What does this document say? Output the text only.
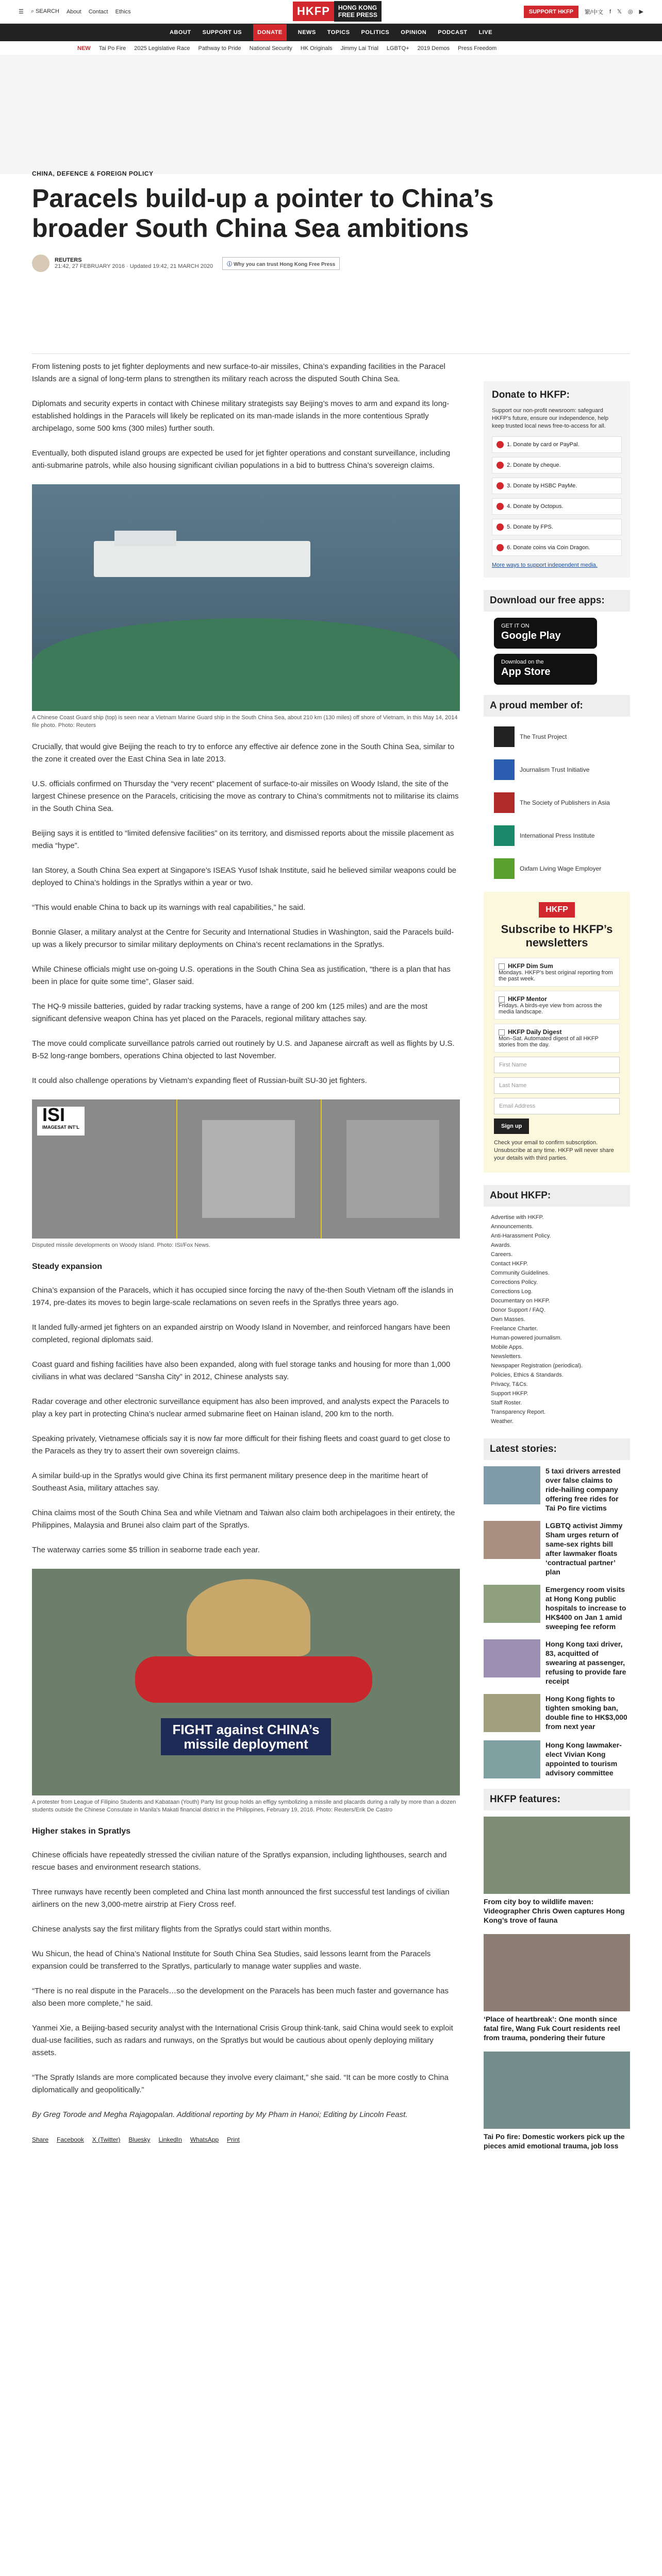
☰ ⌕ SEARCH About Contact Ethics	HKFP	HONG KONG
FREE PRESS	SUPPORT HKFP	繁/中文 f 𝕏 ◎ ▶
ABOUT SUPPORT US	DONATE	NEWS TOPICS POLITICS OPINION PODCAST LIVE
NEW Tai Po Fire 2025 Legislative Race Pathway to Pride National Security HK Originals Jimmy Lai Trial LGBTQ+ 2019 Demos Press Freedom
CHINA, DEFENCE & FOREIGN POLICY
Paracels build-up a pointer to China’s broader South China Sea ambitions
REUTERS
21:42, 27 FEBRUARY 2016 · Updated 19:42, 21 MARCH 2020	ⓘ Why you can trust Hong Kong Free Press

From listening posts to jet fighter deployments and new surface-to-air missiles, China’s expanding facilities in the Paracel Islands are a signal of long-term plans to strengthen its military reach across the disputed South China Sea.

Diplomats and security experts in contact with Chinese military strategists say Beijing’s moves to arm and expand its long-established holdings in the Paracels will likely be replicated on its man-made islands in the more contentious Spratly archipelago, some 500 kms (300 miles) further south.

Eventually, both disputed island groups are expected be used for jet fighter operations and constant surveillance, including anti-submarine patrols, while also housing significant civilian populations in a bid to buttress China’s sovereign claims.

A Chinese Coast Guard ship (top) is seen near a Vietnam Marine Guard ship in the South China Sea, about 210 km (130 miles) off shore of Vietnam, in this May 14, 2014 file photo. Photo: Reuters

Crucially, that would give Beijing the reach to try to enforce any effective air defence zone in the South China Sea, similar to the zone it created over the East China Sea in late 2013.

U.S. officials confirmed on Thursday the “very recent” placement of surface-to-air missiles on Woody Island, the site of the largest Chinese presence on the Paracels, criticising the move as contrary to China’s commitments not to militarise its claims in the South China Sea.

Beijing says it is entitled to “limited defensive facilities” on its territory, and dismissed reports about the missile placement as media “hype”.

Ian Storey, a South China Sea expert at Singapore’s ISEAS Yusof Ishak Institute, said he believed similar weapons could be deployed to China’s holdings in the Spratlys within a year or two.

“This would enable China to back up its warnings with real capabilities,” he said.

Bonnie Glaser, a military analyst at the Centre for Security and International Studies in Washington, said the Paracels build-up was a likely precursor to similar military deployments on China’s recent reclamations in the Spratlys.

While Chinese officials might use on-going U.S. operations in the South China Sea as justification, “there is a plan that has been in place for quite some time”, Glaser said.

The HQ-9 missile batteries, guided by radar tracking systems, have a range of 200 km (125 miles) and are the most significant defensive weapon China has yet placed on the Paracels, regional military attaches say.

The move could complicate surveillance patrols carried out routinely by U.S. and Japanese aircraft as well as flights by U.S. B-52 long-range bombers, operations China objected to last November.

It could also challenge operations by Vietnam’s expanding fleet of Russian-built SU-30 jet fighters.

ISI
IMAGESAT INT’L
Disputed missile developments on Woody Island. Photo: ISI/Fox News.
Steady expansion

China’s expansion of the Paracels, which it has occupied since forcing the navy of the-then South Vietnam off the islands in 1974, pre-dates its moves to begin large-scale reclamations on seven reefs in the Spratlys three years ago.

It landed fully-armed jet fighters on an expanded airstrip on Woody Island in November, and reinforced hangars have been completed, regional diplomats said.

Coast guard and fishing facilities have also been expanded, along with fuel storage tanks and housing for more than 1,000 civilians in what was declared “Sansha City” in 2012, Chinese analysts say.

Radar coverage and other electronic surveillance equipment has also been improved, and analysts expect the Paracels to play a key part in protecting China’s nuclear armed submarine fleet on Hainan island, 200 km to the north.

Speaking privately, Vietnamese officials say it is now far more difficult for their fishing fleets and coast guard to get close to the Paracels as they try to assert their own sovereign claims.

A similar build-up in the Spratlys would give China its first permanent military presence deep in the maritime heart of Southeast Asia, military attaches say.

China claims most of the South China Sea and while Vietnam and Taiwan also claim both archipelagoes in their entirety, the Philippines, Malaysia and Brunei also claim part of the Spratlys.

The waterway carries some $5 trillion in seaborne trade each year.

FIGHT against CHINA’s missile deployment
A protester from League of Filipino Students and Kabataan (Youth) Party list group holds an effigy symbolizing a missile and placards during a rally by more than a dozen students outside the Chinese Consulate in Manila's Makati financial district in the Philippines, February 19, 2016. Photo: Reuters/Erik De Castro
Higher stakes in Spratlys

Chinese officials have repeatedly stressed the civilian nature of the Spratlys expansion, including lighthouses, search and rescue bases and environment research stations.

Three runways have recently been completed and China last month announced the first successful test landings of civilian airliners on the new 3,000-metre airstrip at Fiery Cross reef.

Chinese analysts say the first military flights from the Spratlys could start within months.

Wu Shicun, the head of China’s National Institute for South China Sea Studies, said lessons learnt from the Paracels expansion could be transferred to the Spratlys, particularly to manage water supplies and waste.

“There is no real dispute in the Paracels…so the development on the Paracels has been much faster and governance has also been more complete,” he said.

Yanmei Xie, a Beijing-based security analyst with the International Crisis Group think-tank, said China would seek to exploit dual-use facilities, such as radars and runways, on the Spratlys but would be cautious about openly deploying military assets.

“The Spratly Islands are more complicated because they involve every claimant,” she said. “It can be more costly to China diplomatically and geopolitically.”

By Greg Torode and Megha Rajagopalan. Additional reporting by My Pham in Hanoi; Editing by Lincoln Feast.

Share Facebook X (Twitter) Bluesky LinkedIn WhatsApp Print
Donate to HKFP:

Support our non-profit newsroom: safeguard HKFP’s future, ensure our independence, help keep trusted local news free-to-access for all.

1. Donate by card or PayPal.
2. Donate by cheque.
3. Donate by HSBC PayMe.
4. Donate by Octopus.
5. Donate by FPS.
6. Donate coins via Coin Dragon.
More ways to support independent media.
Download our free apps:
GET IT ON
Google Play
Download on the
App Store
A proud member of:
The Trust Project
Journalism Trust Initiative
The Society of Publishers in Asia
International Press Institute
Oxfam Living Wage Employer
HKFP
Subscribe to HKFP’s newsletters
HKFP Dim Sum
Mondays. HKFP’s best original reporting from the past week.
HKFP Mentor
Fridays. A birds-eye view from across the media landscape.
HKFP Daily Digest
Mon–Sat. Automated digest of all HKFP stories from the day.
First Name
Last Name
Email Address
Sign up
Check your email to confirm subscription. Unsubscribe at any time. HKFP will never share your details with third parties.
About HKFP:
Advertise with HKFP.
Announcements.
Anti-Harassment Policy.
Awards.
Careers.
Contact HKFP.
Community Guidelines.
Corrections Policy.
Corrections Log.
Documentary on HKFP.
Donor Support / FAQ.
Own Masses.
Freelance Charter.
Human-powered journalism.
Mobile Apps.
Newsletters.
Newspaper Registration (periodical).
Policies, Ethics & Standards.
Privacy, T&Cs.
Support HKFP.
Staff Roster.
Transparency Report.
Weather.
Latest stories:
5 taxi drivers arrested over false claims to ride-hailing company offering free rides for Tai Po fire victims
LGBTQ activist Jimmy Sham urges return of same-sex rights bill after lawmaker floats ‘contractual partner’ plan
Emergency room visits at Hong Kong public hospitals to increase to HK$400 on Jan 1 amid sweeping fee reform
Hong Kong taxi driver, 83, acquitted of swearing at passenger, refusing to provide fare receipt
Hong Kong fights to tighten smoking ban, double fine to HK$3,000 from next year
Hong Kong lawmaker-elect Vivian Kong appointed to tourism advisory committee
HKFP features:
From city boy to wildlife maven: Videographer Chris Owen captures Hong Kong’s trove of fauna
‘Place of heartbreak’: One month since fatal fire, Wang Fuk Court residents reel from trauma, pondering their future
Tai Po fire: Domestic workers pick up the pieces amid emotional trauma, job loss
